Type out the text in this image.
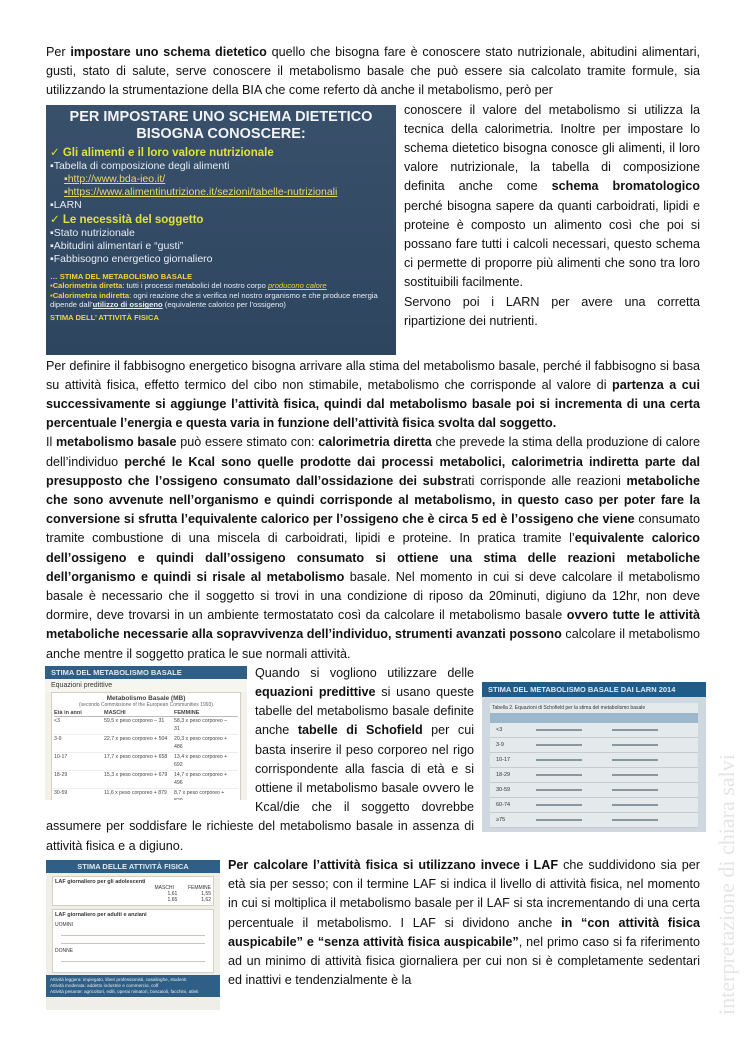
Per impostare uno schema dietetico quello che bisogna fare è conoscere stato nutrizionale, abitudini alimentari, gusti, stato di salute, serve conoscere il metabolismo basale che può essere sia calcolato tramite formule, sia utilizzando la strumentazione della BIA che come referto dà anche il metabolismo, però per

PER IMPOSTARE UNO SCHEMA DIETETICO
BISOGNA CONOSCERE:
✓ Gli alimenti e il loro valore nutrizionale
▪Tabella di composizione degli alimenti
▪http://www.bda-ieo.it/
▪https://www.alimentinutrizione.it/sezioni/tabelle-nutrizionali
▪LARN
✓ Le necessità del soggetto
▪Stato nutrizionale
▪Abitudini alimentari e “gusti”
▪Fabbisogno energetico giornaliero
… STIMA DEL METABOLISMO BASALE
▪Calorimetria diretta: tutti i processi metabolici del nostro corpo producono calore
▪Calorimetria indiretta: ogni reazione che si verifica nel nostro organismo e che produce energia dipende dall’utilizzo di ossigeno (equivalente calorico per l’ossigeno)
STIMA DELL’ ATTIVITÀ FISICA

conoscere il valore del metabolismo si utilizza la tecnica della calorimetria. Inoltre per impostare lo schema dietetico bisogna conosce gli alimenti, il loro valore nutrizionale, la tabella di composizione definita anche come schema bromatologico perché bisogna sapere da quanti carboidrati, lipidi e proteine è composto un alimento così che poi si possano fare tutti i calcoli necessari, questo schema ci permette di proporre più alimenti che sono tra loro sostituibili facilmente.

Servono poi i LARN per avere una corretta ripartizione dei nutrienti.

Per definire il fabbisogno energetico bisogna arrivare alla stima del metabolismo basale, perché il fabbisogno si basa su attività fisica, effetto termico del cibo non stimabile, metabolismo che corrisponde al valore di partenza a cui successivamente si aggiunge l’attività fisica, quindi dal metabolismo basale poi si incrementa di una certa percentuale l’energia e questa varia in funzione dell’attività fisica svolta dal soggetto.

Il metabolismo basale può essere stimato con: calorimetria diretta che prevede la stima della produzione di calore dell’individuo perché le Kcal sono quelle prodotte dai processi metabolici, calorimetria indiretta parte dal presupposto che l’ossigeno consumato dall’ossidazione dei substrati corrisponde alle reazioni metaboliche che sono avvenute nell’organismo e quindi corrisponde al metabolismo, in questo caso per poter fare la conversione si sfrutta l’equivalente calorico per l’ossigeno che è circa 5 ed è l’ossigeno che viene consumato tramite combustione di una miscela di carboidrati, lipidi e proteine. In pratica tramite l’equivalente calorico dell’ossigeno e quindi dall’ossigeno consumato si ottiene una stima delle reazioni metaboliche dell’organismo e quindi si risale al metabolismo basale. Nel momento in cui si deve calcolare il metabolismo basale è necessario che il soggetto si trovi in una condizione di riposo da 20minuti, digiuno da 12hr, non deve dormire, deve trovarsi in un ambiente termostatato così da calcolare il metabolismo basale ovvero tutte le attività metaboliche necessarie alla sopravvivenza dell’individuo, strumenti avanzati possono calcolare il metabolismo anche mentre il soggetto pratica le sue normali attività.

STIMA DEL METABOLISMO BASALE
Equazioni predittive
Metabolismo Basale (MB)
(secondo Commissione of the European Communities 1993)
Età in anni	MASCHI	FEMMINE
<3	59,5 x peso corporeo – 31	58,3 x peso corporeo – 31
3-9	22,7 x peso corporeo + 504	20,3 x peso corporeo + 486
10-17	17,7 x peso corporeo + 658	13,4 x peso corporeo + 692
18-29	15,3 x peso corporeo + 679	14,7 x peso corporeo + 496
30-59	11,6 x peso corporeo + 879	8,7 x peso corporeo +
STIMA DEL METABOLISMO BASALE DAI LARN 2014
Tabella 2. Equazioni di Schofield per la stima del metabolismo basale
<3
3-9
10-17
18-29
30-59
60-74
≥75

Quando si vogliono utilizzare delle equazioni predittive si usano queste tabelle del metabolismo basale definite anche tabelle di Schofield per cui basta inserire il peso corporeo nel rigo corrispondente alla fascia di età e si ottiene il metabolismo basale ovvero le Kcal/die che il soggetto dovrebbe assumere per soddisfare le richieste del metabolismo basale in assenza di attività fisica e a digiuno.

STIMA DELLE ATTIVITÀ FISICA
LAF giornaliero per gli adolescenti
MASCHI	FEMMINE
1,61	1,55
1,65	1,62
LAF giornaliero per adulti e anziani
UOMINI
DONNE
Attività leggera: impiegato, liberi professionisti, casalinghe, studenti
Attività moderata: addetto industrie e commercio, colf
Attività pesante: agricoltori, edili, operai minatori, boscaioli, facchini, atleti

Per calcolare l’attività fisica si utilizzano invece i LAF che suddividono sia per età sia per sesso; con il termine LAF si indica il livello di attività fisica, nel momento in cui si moltiplica il metabolismo basale per il LAF si sta incrementando di una certa percentuale il metabolismo. I LAF si dividono anche in “con attività fisica auspicabile” e “senza attività fisica auspicabile”, nel primo caso si fa riferimento ad un minimo di attività fisica giornaliera per cui non si è completamente sedentari ed inattivi e tendenzialmente è la	interpretazione di chiara salvi
